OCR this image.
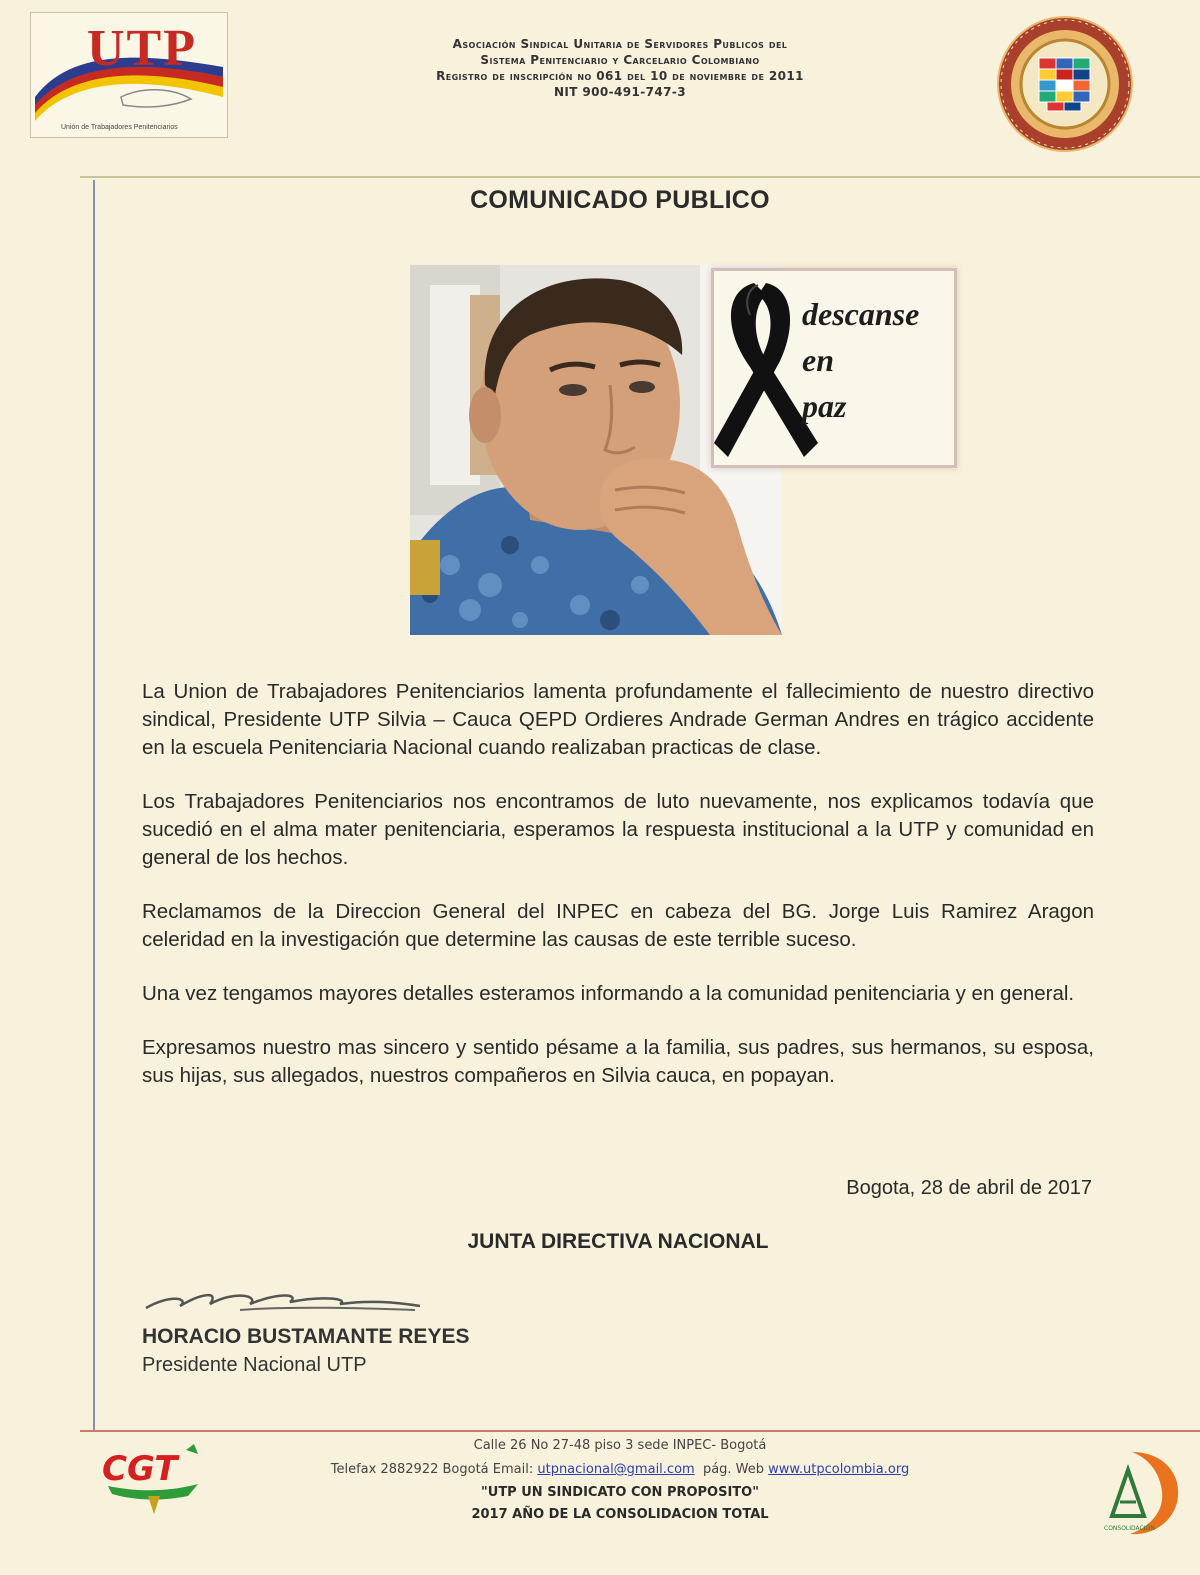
UTP
Unión de Trabajadores Penitenciarios
Asociación Sindical Unitaria de Servidores Publicos del
Sistema Penitenciario y Carcelario Colombiano
Registro de inscripción no 061 del 10 de noviembre de 2011
NIT 900-491-747-3
COMUNICADO PUBLICO
descanse en
paz

La Union de Trabajadores Penitenciarios lamenta profundamente el fallecimiento de nuestro directivo sindical, Presidente UTP Silvia – Cauca QEPD Ordieres Andrade German Andres en trágico accidente en la escuela Penitenciaria Nacional cuando realizaban practicas de clase.

Los Trabajadores Penitenciarios nos encontramos de luto nuevamente, nos explicamos todavía que sucedió en el alma mater penitenciaria, esperamos la respuesta institucional a la UTP y comunidad en general de los hechos.

Reclamamos de la Direccion General del INPEC en cabeza del BG. Jorge Luis Ramirez Aragon celeridad en la investigación que determine las causas de este terrible suceso.

Una vez tengamos mayores detalles esteramos informando a la comunidad penitenciaria y en general.

Expresamos nuestro mas sincero y sentido pésame a la familia, sus padres, sus hermanos, su esposa, sus hijas, sus allegados, nuestros compañeros en Silvia cauca, en popayan.

Bogota, 28 de abril de 2017
JUNTA DIRECTIVA NACIONAL
HORACIO BUSTAMANTE REYES
Presidente Nacional UTP
CGT
Calle 26 No 27-48 piso 3 sede INPEC- Bogotá
Telefax 2882922 Bogotá Email: utpnacional@gmail.com  pág. Web www.utpcolombia.org
"UTP UN SINDICATO CON PROPOSITO"
2017 AÑO DE LA CONSOLIDACION TOTAL
CONSOLIDACIÓN
